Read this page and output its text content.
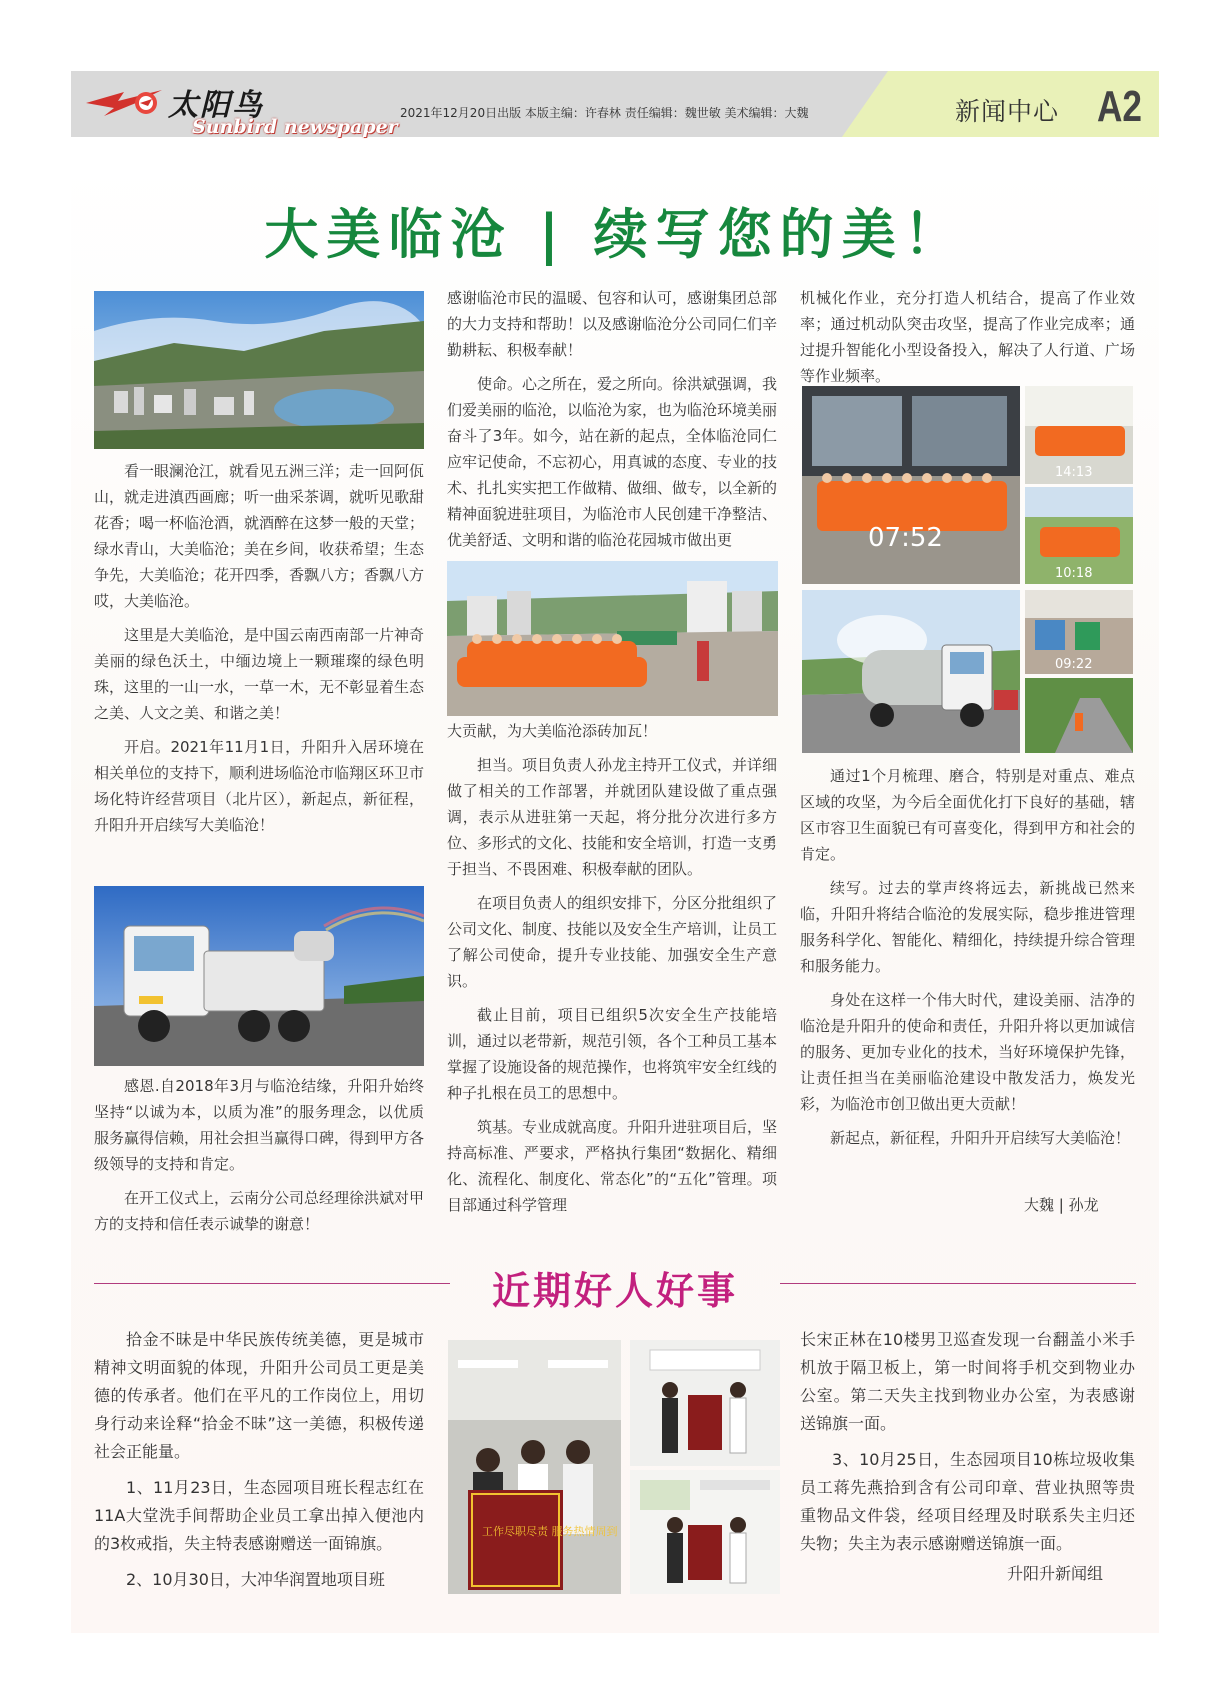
太阳鸟
Sunbird newspaper
2021年12月20日出版 本版主编：许春林 责任编辑：魏世敏 美术编辑：大魏	新闻中心 A2
大美临沧 | 续写您的美！

看一眼澜沧江，就看见五洲三洋；走一回阿佤山，就走进滇西画廊；听一曲采茶调，就听见歌甜花香；喝一杯临沧酒，就酒醉在这梦一般的天堂；绿水青山，大美临沧；美在乡间，收获希望；生态争先，大美临沧；花开四季，香飘八方；香飘八方哎，大美临沧。

这里是大美临沧，是中国云南西南部一片神奇美丽的绿色沃土，中缅边境上一颗璀璨的绿色明珠，这里的一山一水，一草一木，无不彰显着生态之美、人文之美、和谐之美！

开启。2021年11月1日，升阳升入居环境在相关单位的支持下，顺利进场临沧市临翔区环卫市场化特许经营项目（北片区），新起点，新征程，升阳升开启续写大美临沧！

感恩.自2018年3月与临沧结缘，升阳升始终坚持“以诚为本，以质为准”的服务理念，以优质服务赢得信赖，用社会担当赢得口碑，得到甲方各级领导的支持和肯定。

在开工仪式上，云南分公司总经理徐洪斌对甲方的支持和信任表示诚挚的谢意！

感谢临沧市民的温暖、包容和认可，感谢集团总部的大力支持和帮助！以及感谢临沧分公司同仁们辛勤耕耘、积极奉献！

使命。心之所在，爱之所向。徐洪斌强调，我们爱美丽的临沧，以临沧为家，也为临沧环境美丽奋斗了3年。如今，站在新的起点，全体临沧同仁应牢记使命，不忘初心，用真诚的态度、专业的技术、扎扎实实把工作做精、做细、做专，以全新的精神面貌进驻项目，为临沧市人民创建干净整洁、优美舒适、文明和谐的临沧花园城市做出更

大贡献，为大美临沧添砖加瓦！

担当。项目负责人孙龙主持开工仪式，并详细做了相关的工作部署，并就团队建设做了重点强调，表示从进驻第一天起，将分批分次进行多方位、多形式的文化、技能和安全培训，打造一支勇于担当、不畏困难、积极奉献的团队。

在项目负责人的组织安排下，分区分批组织了公司文化、制度、技能以及安全生产培训，让员工了解公司使命，提升专业技能、加强安全生产意识。

截止目前，项目已组织5次安全生产技能培训，通过以老带新，规范引领，各个工种员工基本掌握了设施设备的规范操作，也将筑牢安全红线的种子扎根在员工的思想中。

筑基。专业成就高度。升阳升进驻项目后，坚持高标准、严要求，严格执行集团“数据化、精细化、流程化、制度化、常态化”的“五化”管理。项目部通过科学管理

机械化作业，充分打造人机结合，提高了作业效率；通过机动队突击攻坚，提高了作业完成率；通过提升智能化小型设备投入，解决了人行道、广场等作业频率。

07:52
14:13
10:18
09:22

通过1个月梳理、磨合，特别是对重点、难点区域的攻坚，为今后全面优化打下良好的基础，辖区市容卫生面貌已有可喜变化，得到甲方和社会的肯定。

续写。过去的掌声终将远去，新挑战已然来临，升阳升将结合临沧的发展实际，稳步推进管理服务科学化、智能化、精细化，持续提升综合管理和服务能力。

身处在这样一个伟大时代，建设美丽、洁净的临沧是升阳升的使命和责任，升阳升将以更加诚信的服务、更加专业化的技术，当好环境保护先锋，让责任担当在美丽临沧建设中散发活力，焕发光彩，为临沧市创卫做出更大贡献！

新起点，新征程，升阳升开启续写大美临沧！

大魏 | 孙龙
近期好人好事

拾金不昧是中华民族传统美德，更是城市精神文明面貌的体现，升阳升公司员工更是美德的传承者。他们在平凡的工作岗位上，用切身行动来诠释“拾金不昧”这一美德，积极传递社会正能量。

1、11月23日，生态园项目班长程志红在11A大堂洗手间帮助企业员工拿出掉入便池内的3枚戒指，失主特表感谢赠送一面锦旗。

2、10月30日，大冲华润置地项目班

工作尽职尽责 服务热情周到

长宋正林在10楼男卫巡查发现一台翻盖小米手机放于隔卫板上，第一时间将手机交到物业办公室。第二天失主找到物业办公室，为表感谢送锦旗一面。

3、10月25日，生态园项目10栋垃圾收集员工蒋先燕拾到含有公司印章、营业执照等贵重物品文件袋，经项目经理及时联系失主归还失物；失主为表示感谢赠送锦旗一面。

升阳升新闻组
